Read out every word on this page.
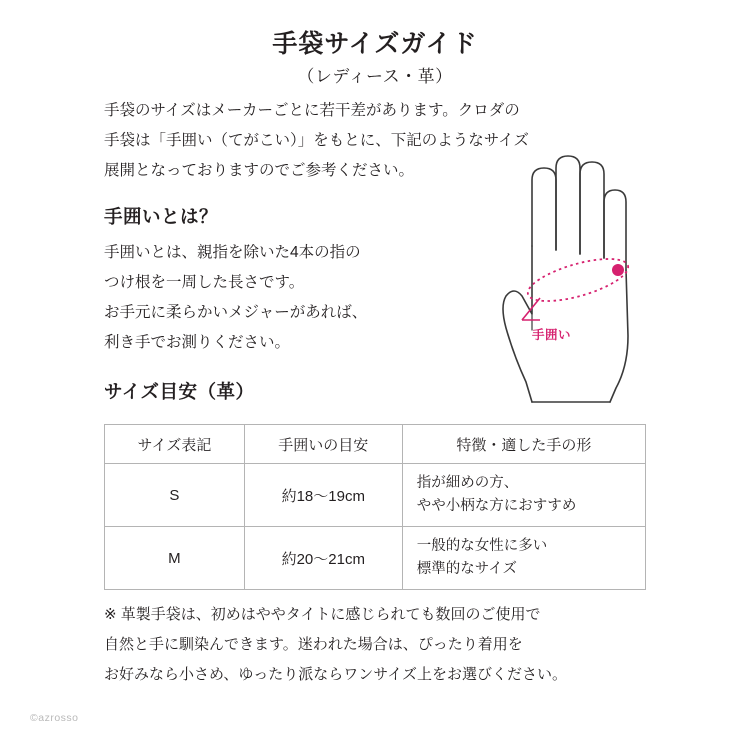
手袋サイズガイド
（レディース・革）
手袋のサイズはメーカーごとに若干差があります。クロダの
手袋は「手囲い（てがこい）」をもとに、下記のようなサイズ
展開となっておりますのでご参考ください。
手囲いとは？
手囲いとは、親指を除いた4本の指の
つけ根を一周した長さです。
お手元に柔らかいメジャーがあれば、
利き手でお測りください。	手囲い
サイズ目安（革）
サイズ表記	手囲いの目安	特徴・適した手の形
S	約18〜19cm	指が細めの方、
やや小柄な方におすすめ

M	約20〜21cm	一般的な女性に多い
標準的なサイズ
※ 革製手袋は、初めはややタイトに感じられても数回のご使用で
自然と手に馴染んできます。迷われた場合は、ぴったり着用を
お好みなら小さめ、ゆったり派ならワンサイズ上をお選びください。
©azrosso
